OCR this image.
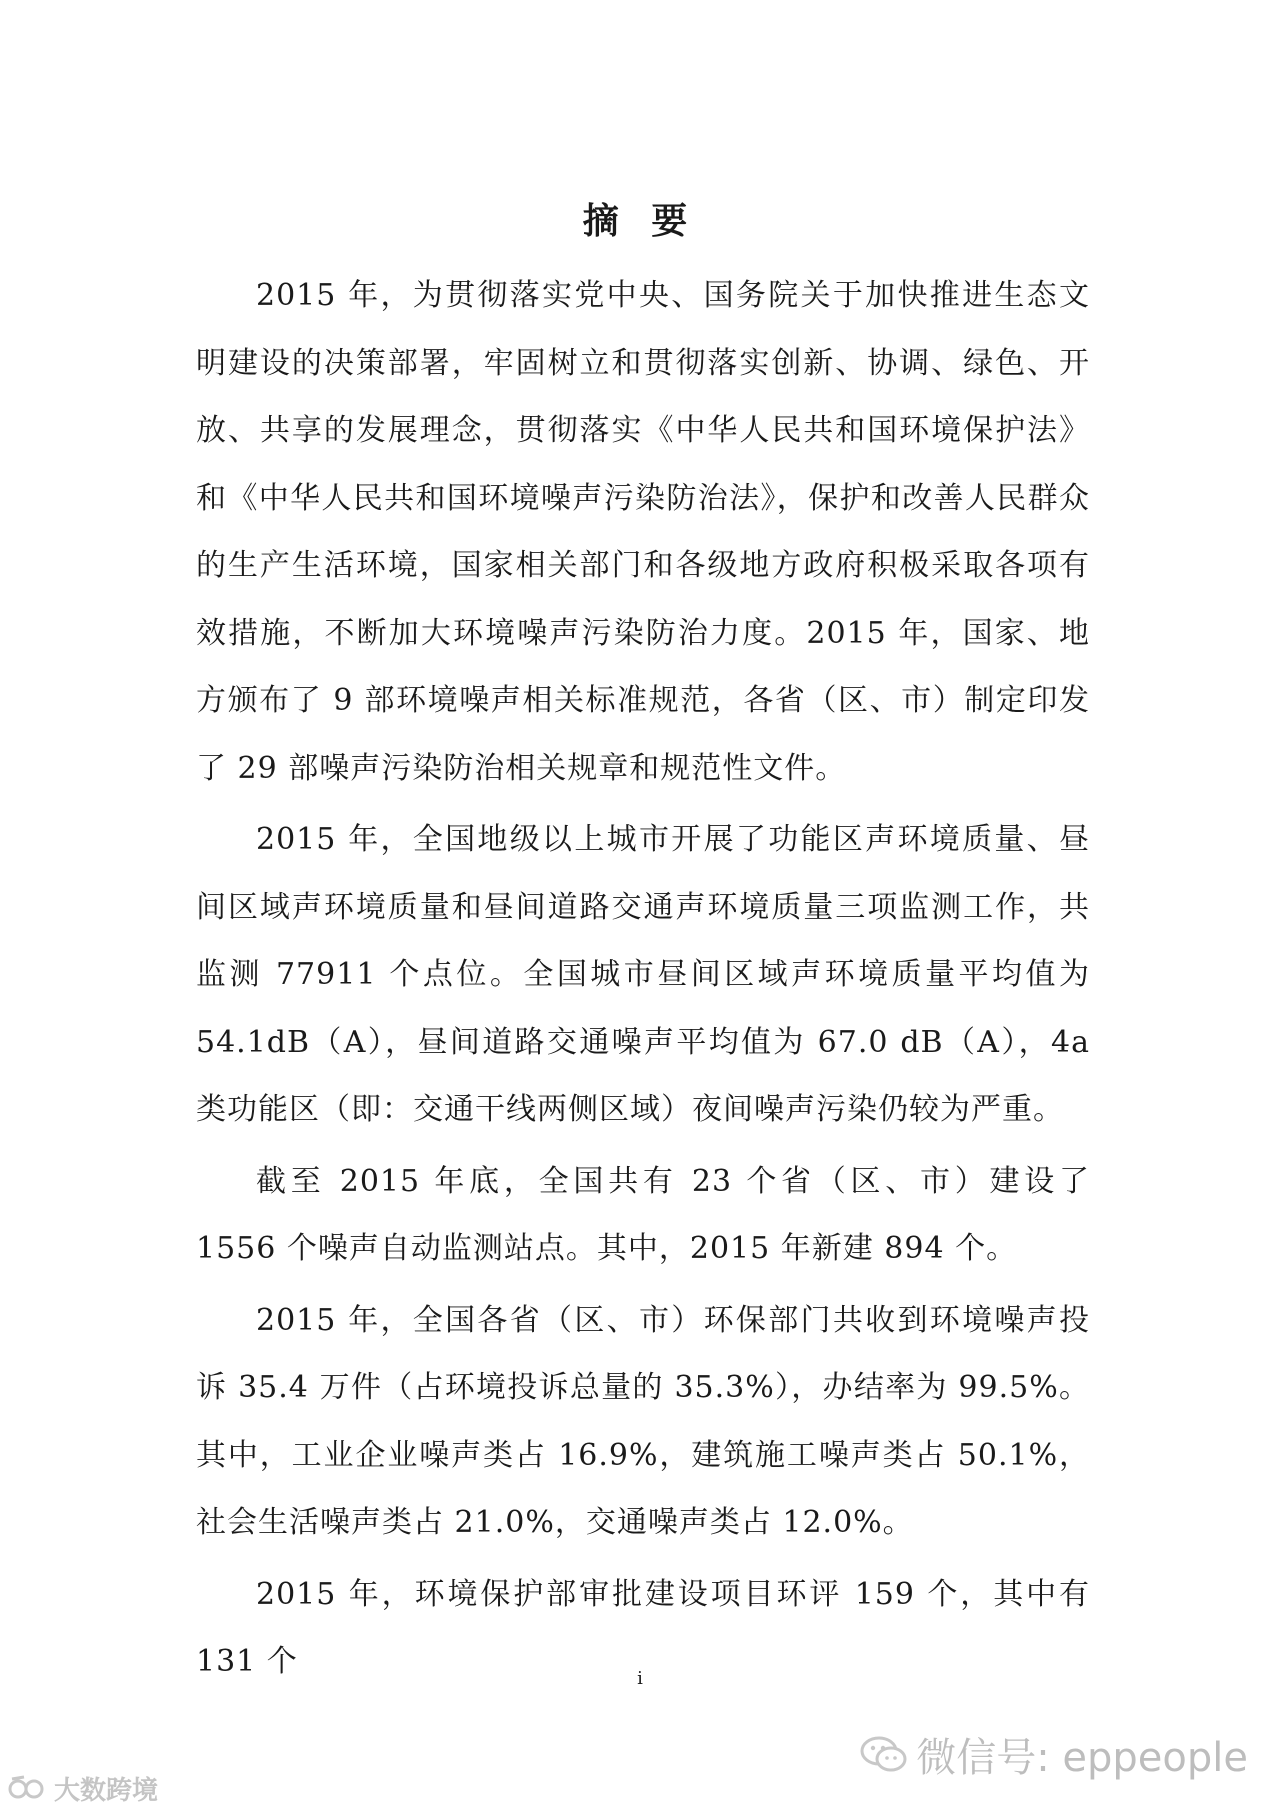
摘 要

2015 年，为贯彻落实党中央、国务院关于加快推进生态文明建设的决策部署，牢固树立和贯彻落实创新、协调、绿色、开放、共享的发展理念，贯彻落实《中华人民共和国环境保护法》和《中华人民共和国环境噪声污染防治法》，保护和改善人民群众的生产生活环境，国家相关部门和各级地方政府积极采取各项有效措施，不断加大环境噪声污染防治力度。2015 年，国家、地方颁布了 9 部环境噪声相关标准规范，各省（区、市）制定印发了 29 部噪声污染防治相关规章和规范性文件。

2015 年，全国地级以上城市开展了功能区声环境质量、昼间区域声环境质量和昼间道路交通声环境质量三项监测工作，共监测 77911 个点位。全国城市昼间区域声环境质量平均值为 54.1dB（A），昼间道路交通噪声平均值为 67.0 dB（A），4a 类功能区（即：交通干线两侧区域）夜间噪声污染仍较为严重。

截至 2015 年底，全国共有 23 个省（区、市）建设了 1556 个噪声自动监测站点。其中，2015 年新建 894 个。

2015 年，全国各省（区、市）环保部门共收到环境噪声投诉 35.4 万件（占环境投诉总量的 35.3%），办结率为 99.5%。其中，工业企业噪声类占 16.9%，建筑施工噪声类占 50.1%，社会生活噪声类占 21.0%，交通噪声类占 12.0%。

2015 年，环境保护部审批建设项目环评 159 个，其中有 131 个	i
微信号: eppeople
大数跨境
